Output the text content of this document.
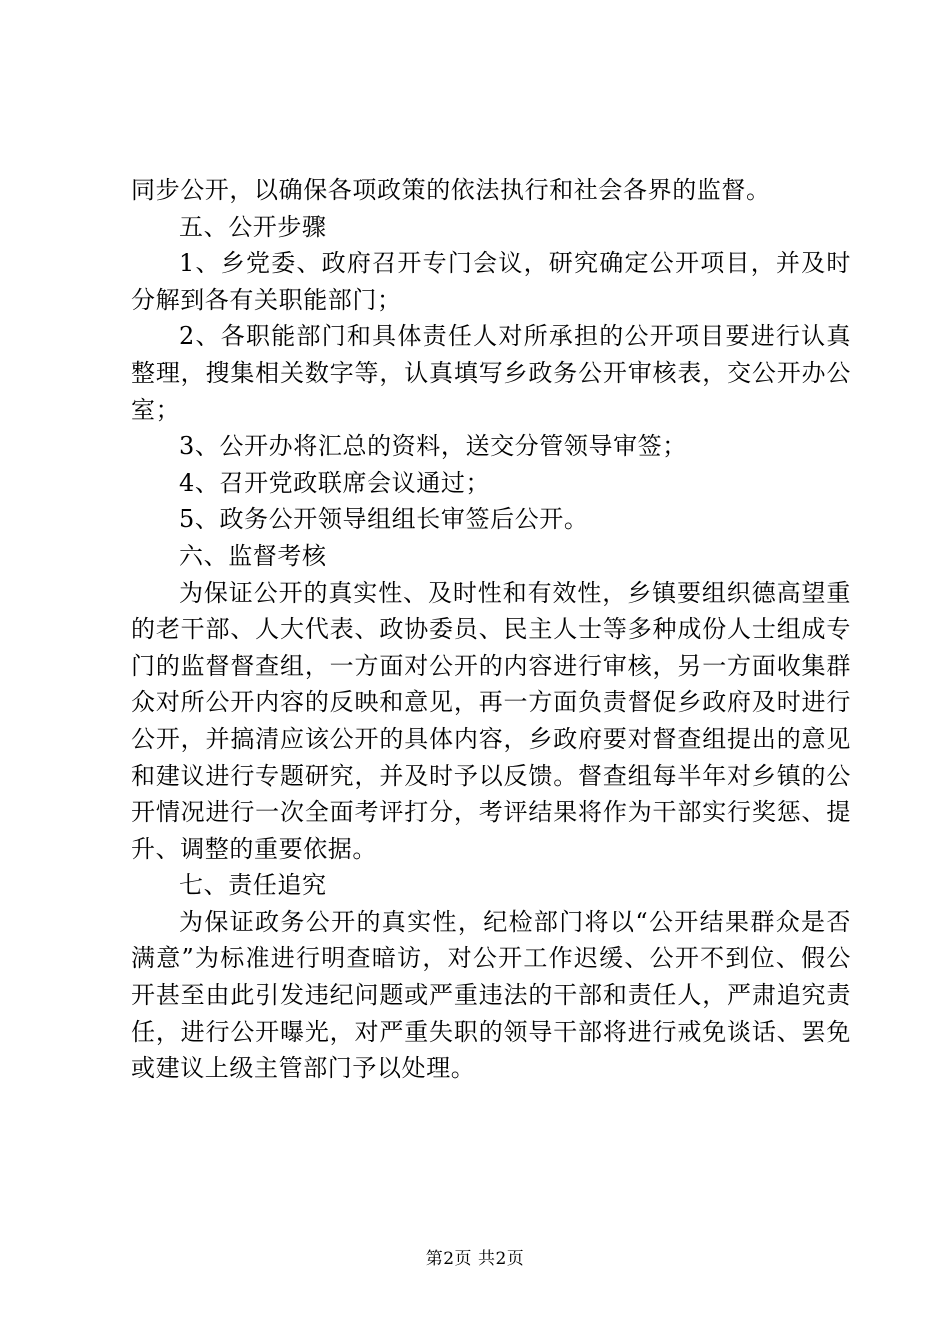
同步公开，以确保各项政策的依法执行和社会各界的监督。

五、公开步骤

1、乡党委、政府召开专门会议，研究确定公开项目，并及时分解到各有关职能部门；

2、各职能部门和具体责任人对所承担的公开项目要进行认真整理，搜集相关数字等，认真填写乡政务公开审核表，交公开办公室；

3、公开办将汇总的资料，送交分管领导审签；

4、召开党政联席会议通过；

5、政务公开领导组组长审签后公开。

六、监督考核

为保证公开的真实性、及时性和有效性，乡镇要组织德高望重的老干部、人大代表、政协委员、民主人士等多种成份人士组成专门的监督督查组，一方面对公开的内容进行审核，另一方面收集群众对所公开内容的反映和意见，再一方面负责督促乡政府及时进行公开，并搞清应该公开的具体内容，乡政府要对督查组提出的意见和建议进行专题研究，并及时予以反馈。督查组每半年对乡镇的公开情况进行一次全面考评打分，考评结果将作为干部实行奖惩、提升、调整的重要依据。

七、责任追究

为保证政务公开的真实性，纪检部门将以“公开结果群众是否满意”为标准进行明查暗访，对公开工作迟缓、公开不到位、假公开甚至由此引发违纪问题或严重违法的干部和责任人，严肃追究责任，进行公开曝光，对严重失职的领导干部将进行戒免谈话、罢免或建议上级主管部门予以处理。

第2页 共2页
